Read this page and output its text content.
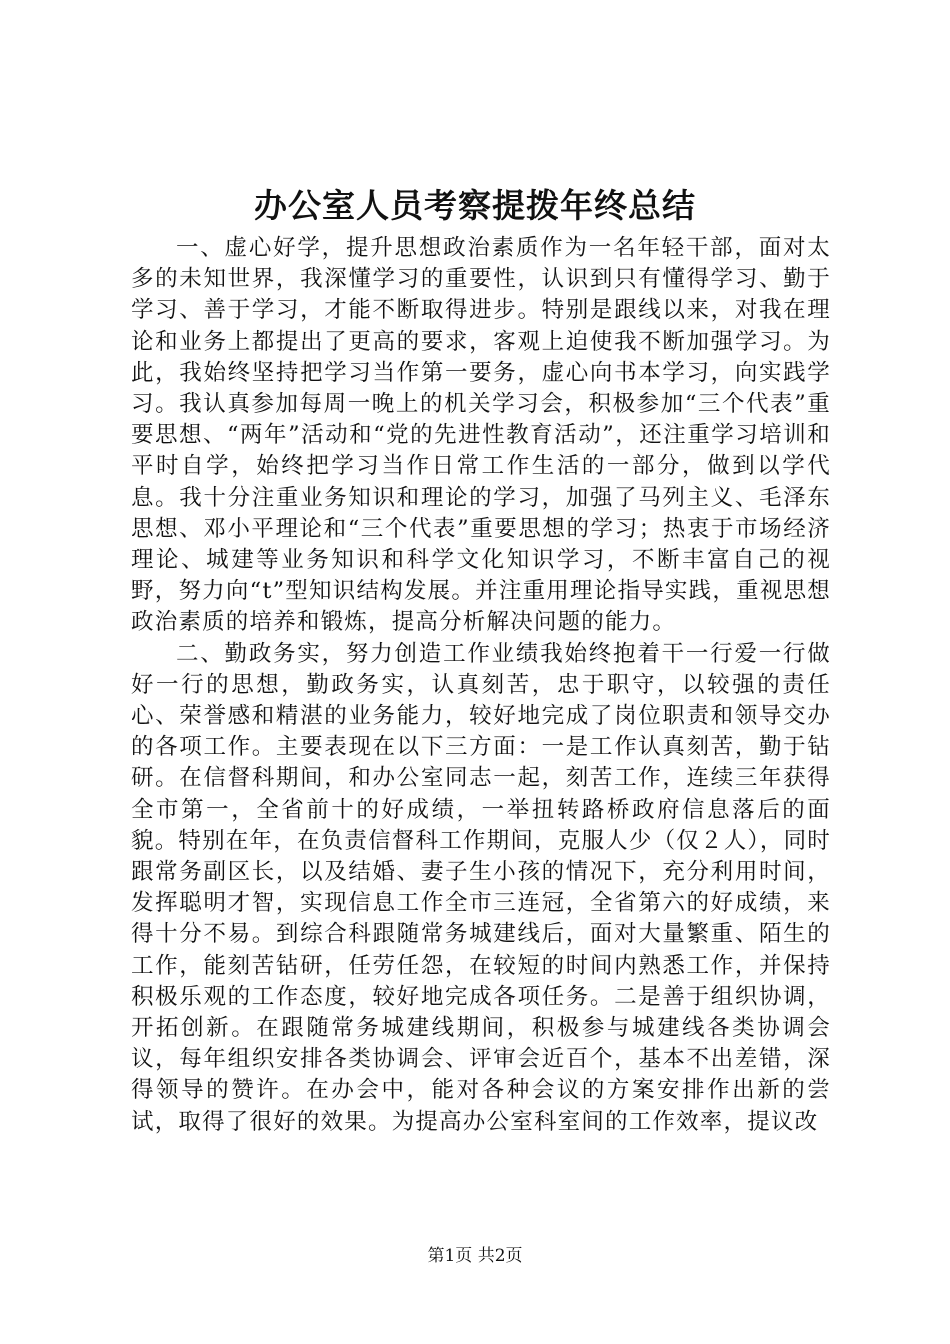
办公室人员考察提拨年终总结

一、虚心好学，提升思想政治素质作为一名年轻干部，面对太多的未知世界，我深懂学习的重要性，认识到只有懂得学习、勤于学习、善于学习，才能不断取得进步。特别是跟线以来，对我在理论和业务上都提出了更高的要求，客观上迫使我不断加强学习。为此，我始终坚持把学习当作第一要务，虚心向书本学习，向实践学习。我认真参加每周一晚上的机关学习会，积极参加“三个代表”重要思想、“两年”活动和“党的先进性教育活动”，还注重学习培训和平时自学，始终把学习当作日常工作生活的一部分，做到以学代息。我十分注重业务知识和理论的学习，加强了马列主义、毛泽东思想、邓小平理论和“三个代表”重要思想的学习；热衷于市场经济理论、城建等业务知识和科学文化知识学习，不断丰富自己的视野，努力向“t”型知识结构发展。并注重用理论指导实践，重视思想政治素质的培养和锻炼，提高分析解决问题的能力。

二、勤政务实，努力创造工作业绩我始终抱着干一行爱一行做好一行的思想，勤政务实，认真刻苦，忠于职守，以较强的责任心、荣誉感和精湛的业务能力，较好地完成了岗位职责和领导交办的各项工作。主要表现在以下三方面：一是工作认真刻苦，勤于钻研。在信督科期间，和办公室同志一起，刻苦工作，连续三年获得全市第一，全省前十的好成绩，一举扭转路桥政府信息落后的面貌。特别在年，在负责信督科工作期间，克服人少（仅２人），同时跟常务副区长，以及结婚、妻子生小孩的情况下，充分利用时间，发挥聪明才智，实现信息工作全市三连冠，全省第六的好成绩，来得十分不易。到综合科跟随常务城建线后，面对大量繁重、陌生的工作，能刻苦钻研，任劳任怨，在较短的时间内熟悉工作，并保持积极乐观的工作态度，较好地完成各项任务。二是善于组织协调，开拓创新。在跟随常务城建线期间，积极参与城建线各类协调会议，每年组织安排各类协调会、评审会近百个，基本不出差错，深得领导的赞许。在办会中，能对各种会议的方案安排作出新的尝试，取得了很好的效果。为提高办公室科室间的工作效率，提议改

第1页 共2页
